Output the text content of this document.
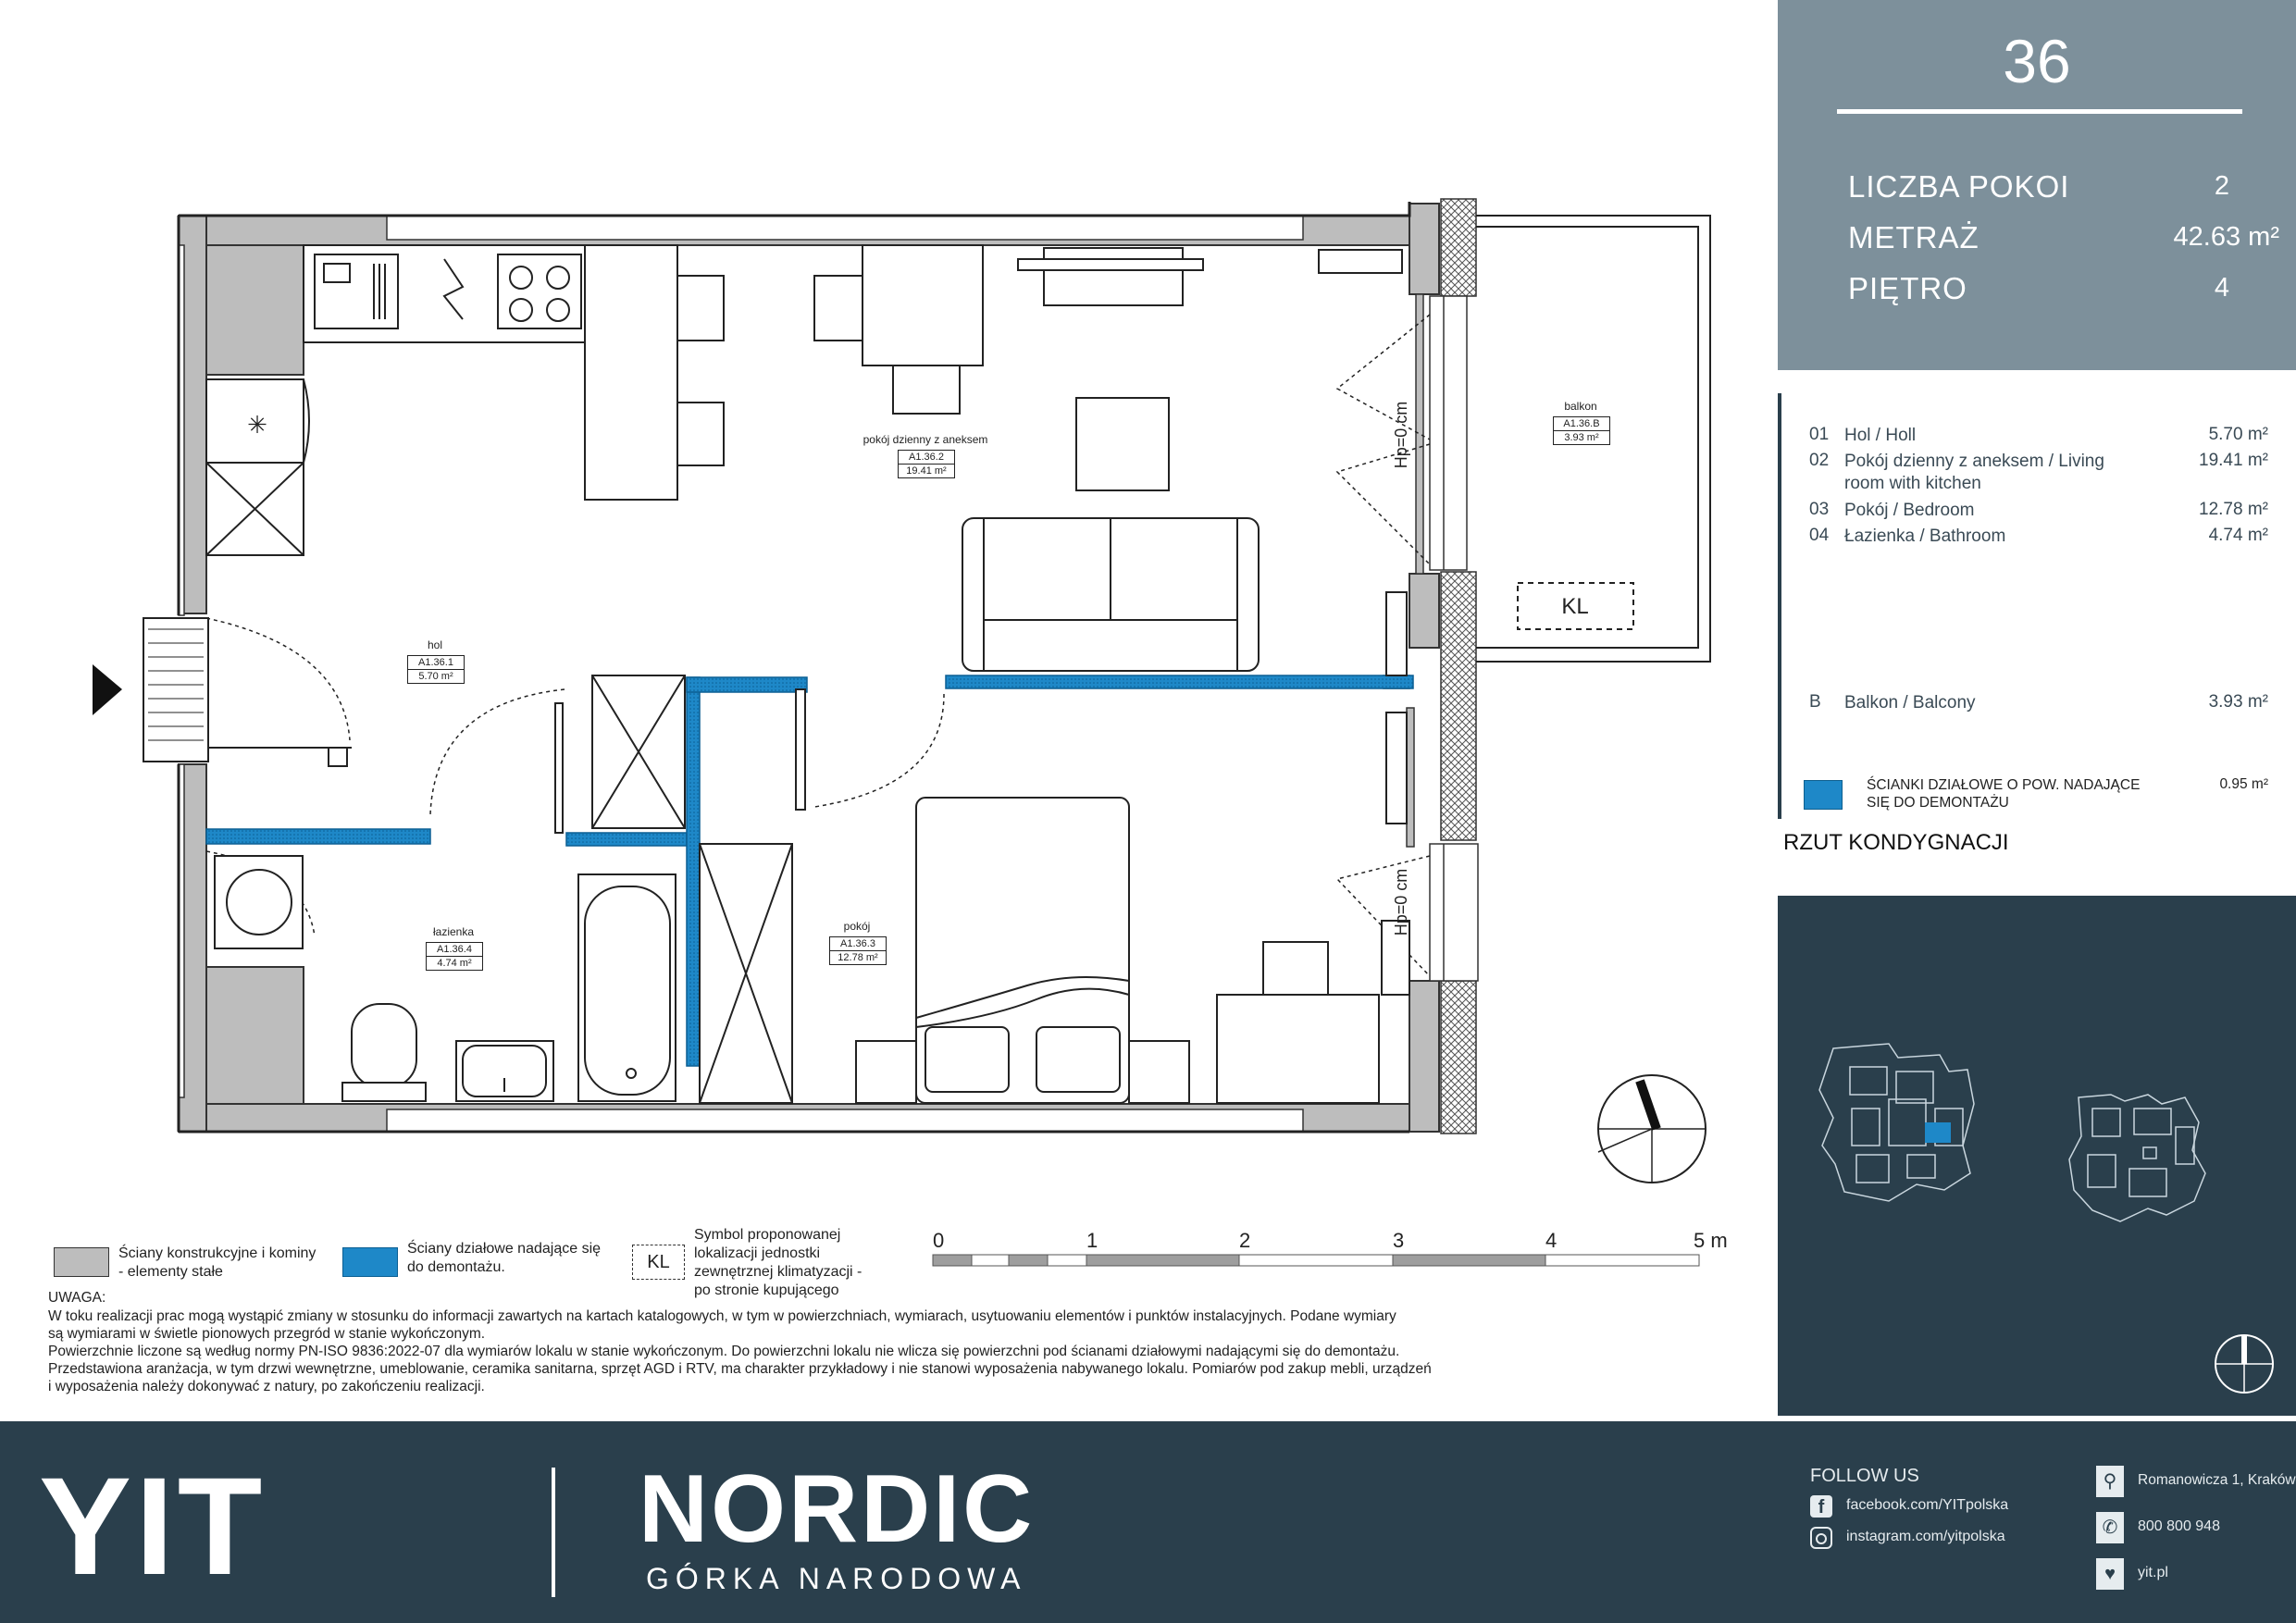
36
LICZBA POKOI	2
METRAŻ	42.63 m²
PIĘTRO	4
01 Hol / Holl	5.70 m²
02 Pokój dzienny z aneksem / Living room with kitchen
19.41 m²
03 Pokój / Bedroom	12.78 m²
04 Łazienka / Bathroom	4.74 m²
B Balkon / Balcony	3.93 m²
ŚCIANKI DZIAŁOWE O POW. NADAJĄCE SIĘ DO DEMONTAŻU
0.95 m²
RZUT KONDYGNACJI
✳
KL
Hp=0 cm
Hp=0 cm
pokój dzienny z aneksem
A1.36.2
19.41 m²
balkon
A1.36.B
3.93 m²
hol
A1.36.1
5.70 m²
łazienka
A1.36.4
4.74 m²
pokój
A1.36.3
12.78 m²
Ściany konstrukcyjne i kominy - elementy stałe
Ściany działowe nadające się do demontażu.	KL
Symbol proponowanej lokalizacji jednostki zewnętrznej klimatyzacji - po stronie kupującego
0	1	2	3	4	5 m
UWAGA:
W toku realizacji prac mogą wystąpić zmiany w stosunku do informacji zawartych na kartach katalogowych, w tym w powierzchniach, wymiarach, usytuowaniu elementów i punktów instalacyjnych. Podane wymiary
są wymiarami w świetle pionowych przegród w stanie wykończonym.
Powierzchnie liczone są według normy PN-ISO 9836:2022-07 dla wymiarów lokalu w stanie wykończonym. Do powierzchni lokalu nie wlicza się powierzchni pod ścianami działowymi nadającymi się do demontażu.
Przedstawiona aranżacja, w tym drzwi wewnętrzne, umeblowanie, ceramika sanitarna, sprzęt AGD i RTV, ma charakter przykładowy i nie stanowi wyposażenia nabywanego lokalu. Pomiarów pod zakup mebli, urządzeń
i wyposażenia należy dokonywać z natury, po zakończeniu realizacji.
YIT	NORDIC
GÓRKA NARODOWA
FOLLOW US
f	facebook.com/YITpolska
instagram.com/yitpolska
⚲	Romanowicza 1, Kraków
✆	800 800 948
♥	yit.pl
